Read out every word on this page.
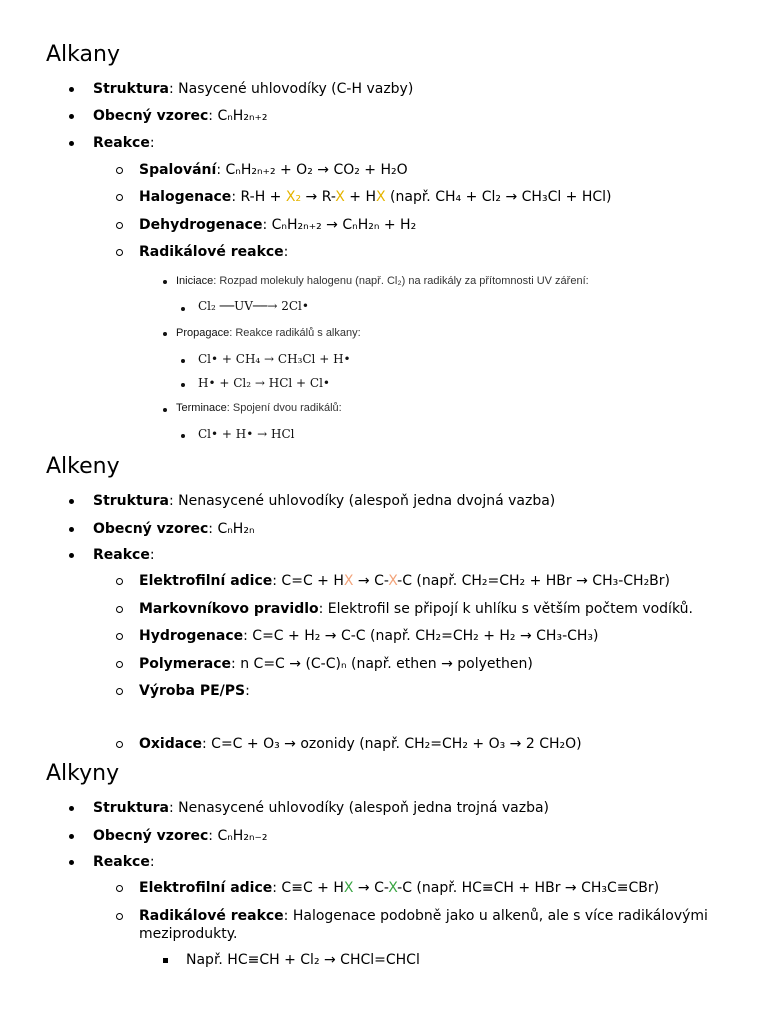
Alkany
Struktura: Nasycené uhlovodíky (C-H vazby)
Obecný vzorec: CₙH₂ₙ₊₂
Reakce:
Spalování: CₙH₂ₙ₊₂ + O₂ → CO₂ + H₂O
Halogenace: R-H + X₂ → R-X + HX (např. CH₄ + Cl₂ → CH₃Cl + HCl)
Dehydrogenace: CₙH₂ₙ₊₂ → CₙH₂ₙ + H₂
Radikálové reakce:
Iniciace: Rozpad molekuly halogenu (např. Cl₂) na radikály za přítomnosti UV záření:
Cl₂ ──UV──→ 2Cl•
Propagace: Reakce radikálů s alkany:
Cl• + CH₄ → CH₃Cl + H•
H• + Cl₂ → HCl + Cl•
Terminace: Spojení dvou radikálů:
Cl• + H• → HCl
Alkeny
Struktura: Nenasycené uhlovodíky (alespoň jedna dvojná vazba)
Obecný vzorec: CₙH₂ₙ
Reakce:
Elektrofilní adice: C=C + HX → C-X-C (např. CH₂=CH₂ + HBr → CH₃-CH₂Br)
Markovníkovo pravidlo: Elektrofil se připojí k uhlíku s větším počtem vodíků.
Hydrogenace: C=C + H₂ → C-C (např. CH₂=CH₂ + H₂ → CH₃-CH₃)
Polymerace: n C=C → (C-C)ₙ (např. ethen → polyethen)
Výroba PE/PS:
Oxidace: C=C + O₃ → ozonidy (např. CH₂=CH₂ + O₃ → 2 CH₂O)
Alkyny
Struktura: Nenasycené uhlovodíky (alespoň jedna trojná vazba)
Obecný vzorec: CₙH₂ₙ₋₂
Reakce:
Elektrofilní adice: C≡C + HX → C-X-C (např. HC≡CH + HBr → CH₃C≡CBr)
Radikálové reakce: Halogenace podobně jako u alkenů, ale s více radikálovými meziprodukty.
Např. HC≡CH + Cl₂ → CHCl=CHCl
